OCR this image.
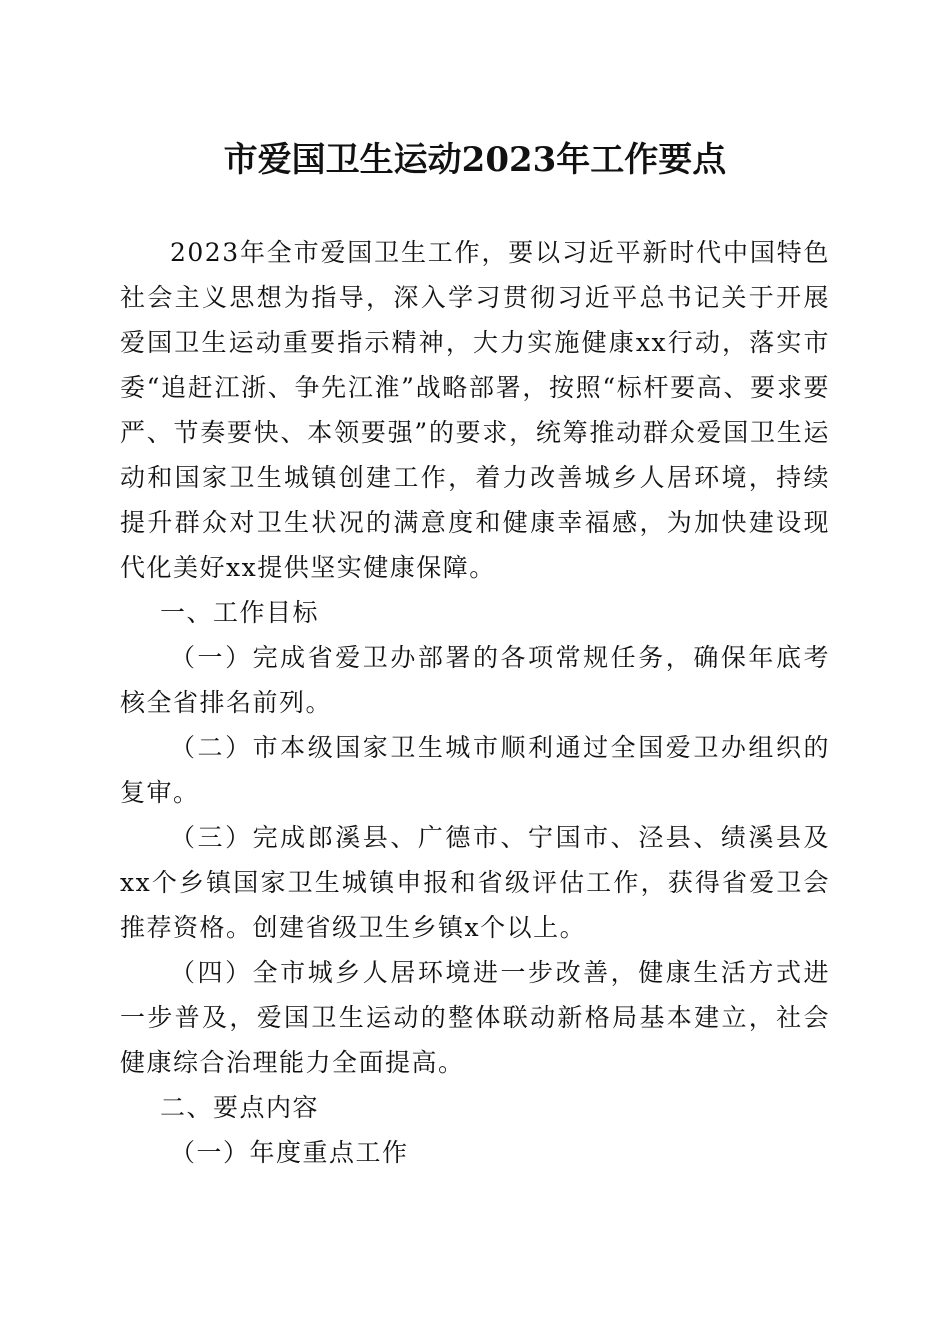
市爱国卫生运动2023年工作要点

2023年全市爱国卫生工作，要以习近平新时代中国特色社会主义思想为指导，深入学习贯彻习近平总书记关于开展爱国卫生运动重要指示精神，大力实施健康xx行动，落实市委“追赶江浙、争先江淮”战略部署，按照“标杆要高、要求要严、节奏要快、本领要强”的要求，统筹推动群众爱国卫生运动和国家卫生城镇创建工作，着力改善城乡人居环境，持续提升群众对卫生状况的满意度和健康幸福感，为加快建设现代化美好xx提供坚实健康保障。

一、工作目标

（一）完成省爱卫办部署的各项常规任务，确保年底考核全省排名前列。

（二）市本级国家卫生城市顺利通过全国爱卫办组织的复审。

（三）完成郎溪县、广德市、宁国市、泾县、绩溪县及xx个乡镇国家卫生城镇申报和省级评估工作，获得省爱卫会推荐资格。创建省级卫生乡镇x个以上。

（四）全市城乡人居环境进一步改善，健康生活方式进一步普及，爱国卫生运动的整体联动新格局基本建立，社会健康综合治理能力全面提高。

二、要点内容

（一）年度重点工作
